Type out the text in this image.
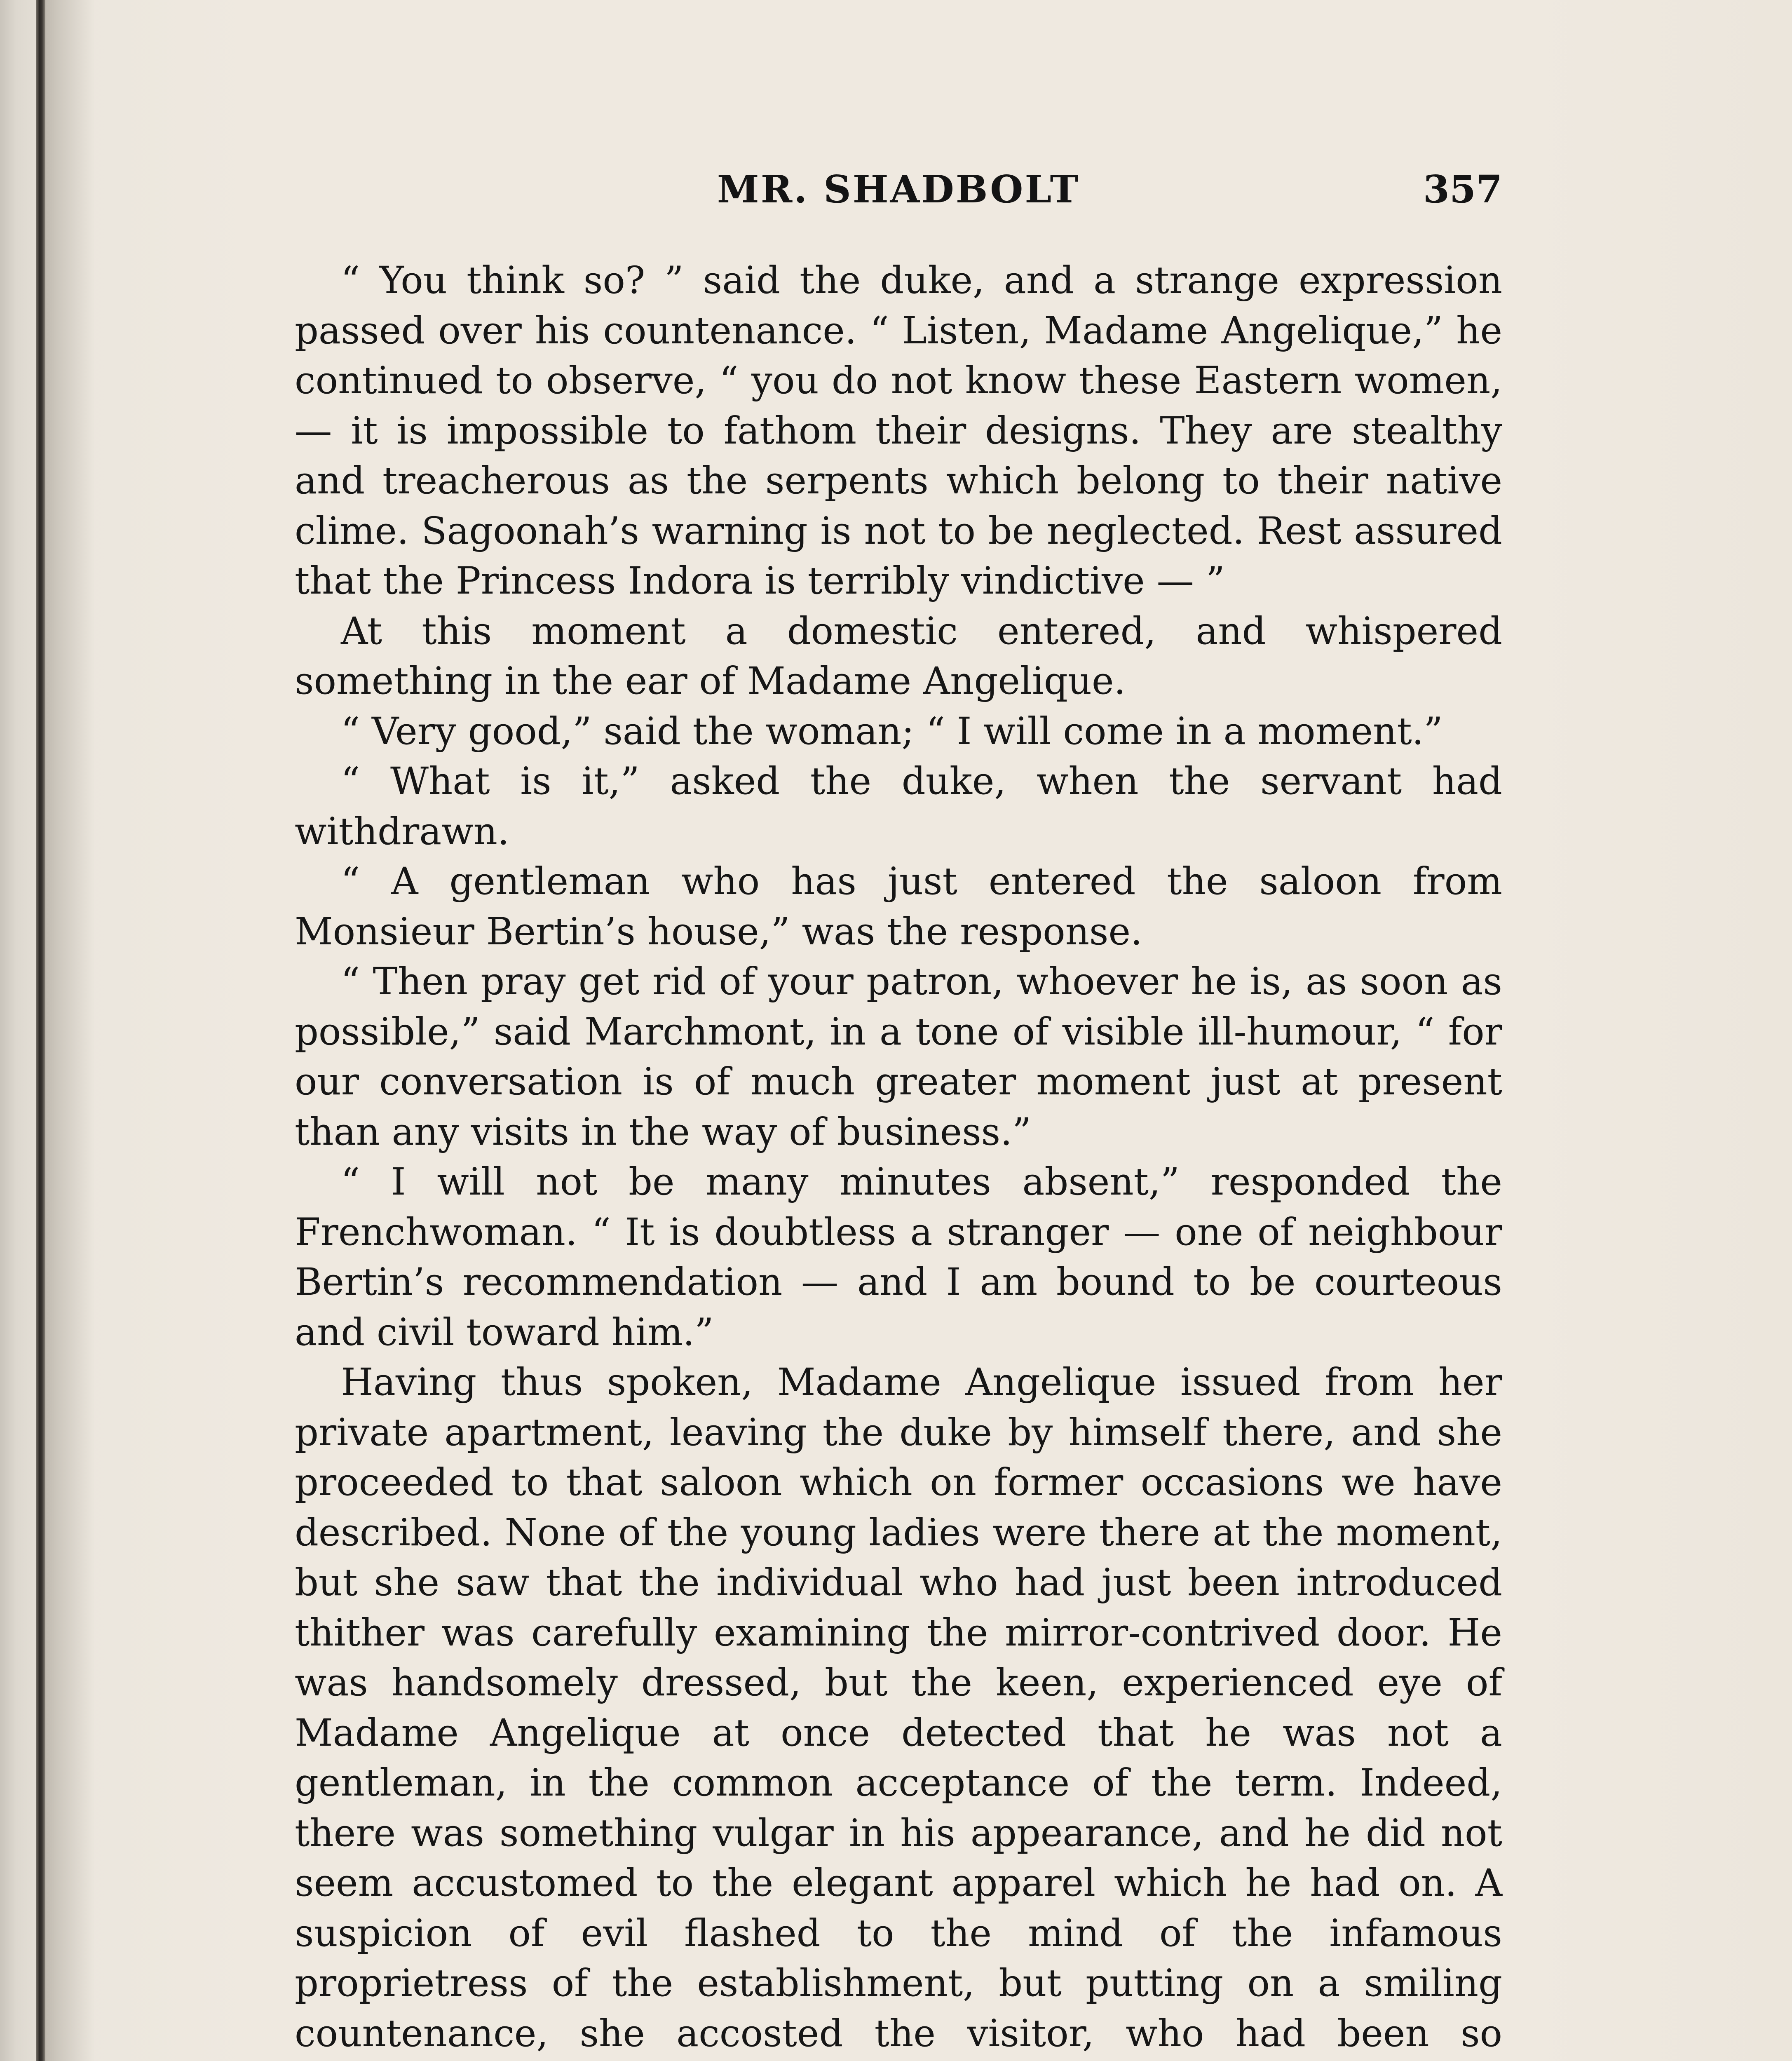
MR. SHADBOLT	357

“ You think so? ” said the duke, and a strange expression passed over his countenance. “ Listen, Madame Angelique,” he continued to observe, “ you do not know these Eastern women, — it is impossible to fathom their designs. They are stealthy and treacherous as the serpents which belong to their native clime. Sagoonah’s warning is not to be neglected. Rest assured that the Princess Indora is terribly vindictive — ”

At this moment a domestic entered, and whispered something in the ear of Madame Angelique.

“ Very good,” said the woman; “ I will come in a moment.”

“ What is it,” asked the duke, when the servant had withdrawn.

“ A gentleman who has just entered the saloon from Monsieur Bertin’s house,” was the response.

“ Then pray get rid of your patron, whoever he is, as soon as possible,” said Marchmont, in a tone of visible ill-humour, “ for our conversation is of much greater moment just at present than any visits in the way of business.”

“ I will not be many minutes absent,” responded the Frenchwoman. “ It is doubtless a stranger — one of neighbour Bertin’s recommendation — and I am bound to be courteous and civil toward him.”

Having thus spoken, Madame Angelique issued from her private apartment, leaving the duke by himself there, and she proceeded to that saloon which on former occasions we have described. None of the young ladies were there at the moment, but she saw that the individual who had just been introduced thither was carefully examining the mirror-contrived door. He was handsomely dressed, but the keen, experienced eye of Madame Angelique at once detected that he was not a gentleman, in the common acceptance of the term. Indeed, there was something vulgar in his appearance, and he did not seem accustomed to the elegant apparel which he had on. A suspicion of evil flashed to the mind of the infamous proprietress of the establishment, but putting on a smiling countenance, she accosted the visitor, who had been so
